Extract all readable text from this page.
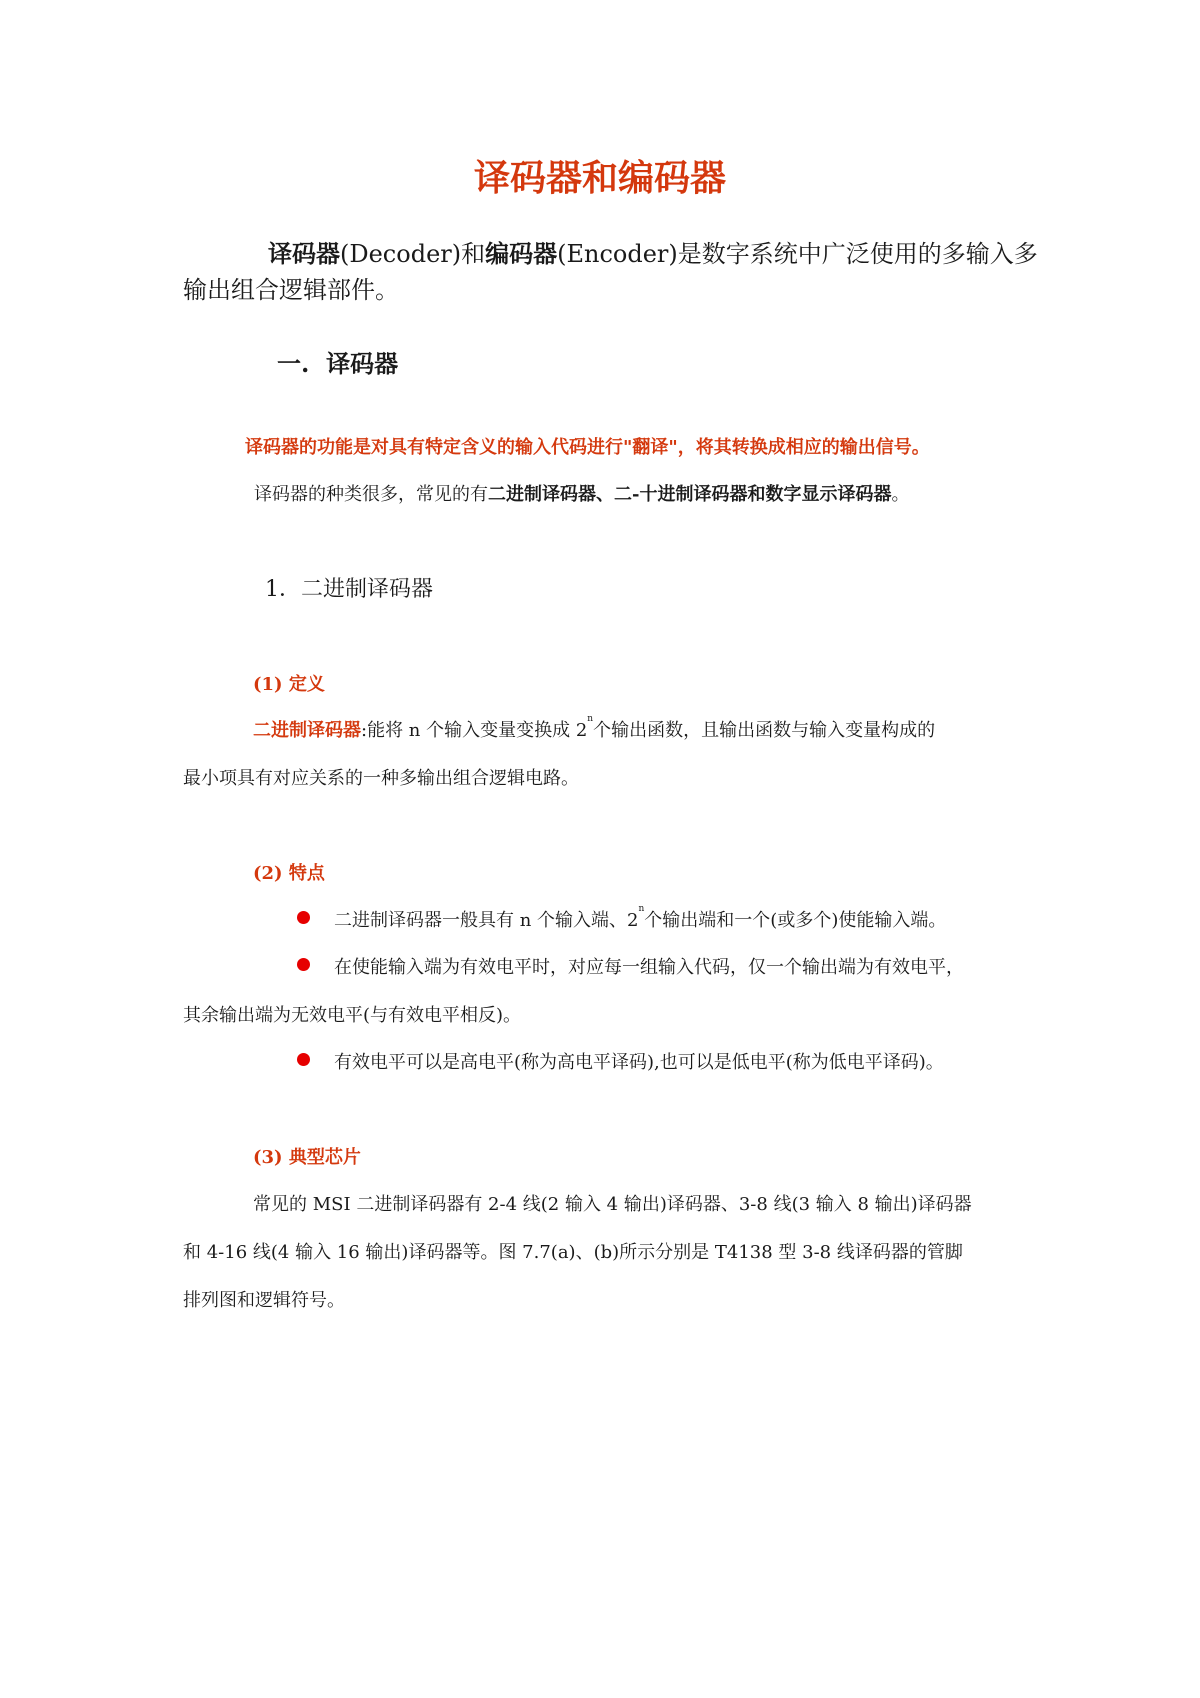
译码器和编码器
译码器(Decoder)和编码器(Encoder)是数字系统中广泛使用的多输入多
输出组合逻辑部件。
一. 译码器
译码器的功能是对具有特定含义的输入代码进行"翻译"，将其转换成相应的输出信号。
译码器的种类很多，常见的有二进制译码器、二-十进制译码器和数字显示译码器。
1．二进制译码器
(1) 定义
二进制译码器:能将 n 个输入变量变换成 2$^n$个输出函数，且输出函数与输入变量构成的
最小项具有对应关系的一种多输出组合逻辑电路。
(2) 特点
二进制译码器一般具有 n 个输入端、2$^n$个输出端和一个(或多个)使能输入端。
在使能输入端为有效电平时，对应每一组输入代码，仅一个输出端为有效电平，
其余输出端为无效电平(与有效电平相反)。
有效电平可以是高电平(称为高电平译码),也可以是低电平(称为低电平译码)。
(3) 典型芯片
常见的 MSI 二进制译码器有 2-4 线(2 输入 4 输出)译码器、3-8 线(3 输入 8 输出)译码器
和 4-16 线(4 输入 16 输出)译码器等。图 7.7(a)、(b)所示分别是 T4138 型 3-8 线译码器的管脚
排列图和逻辑符号。
